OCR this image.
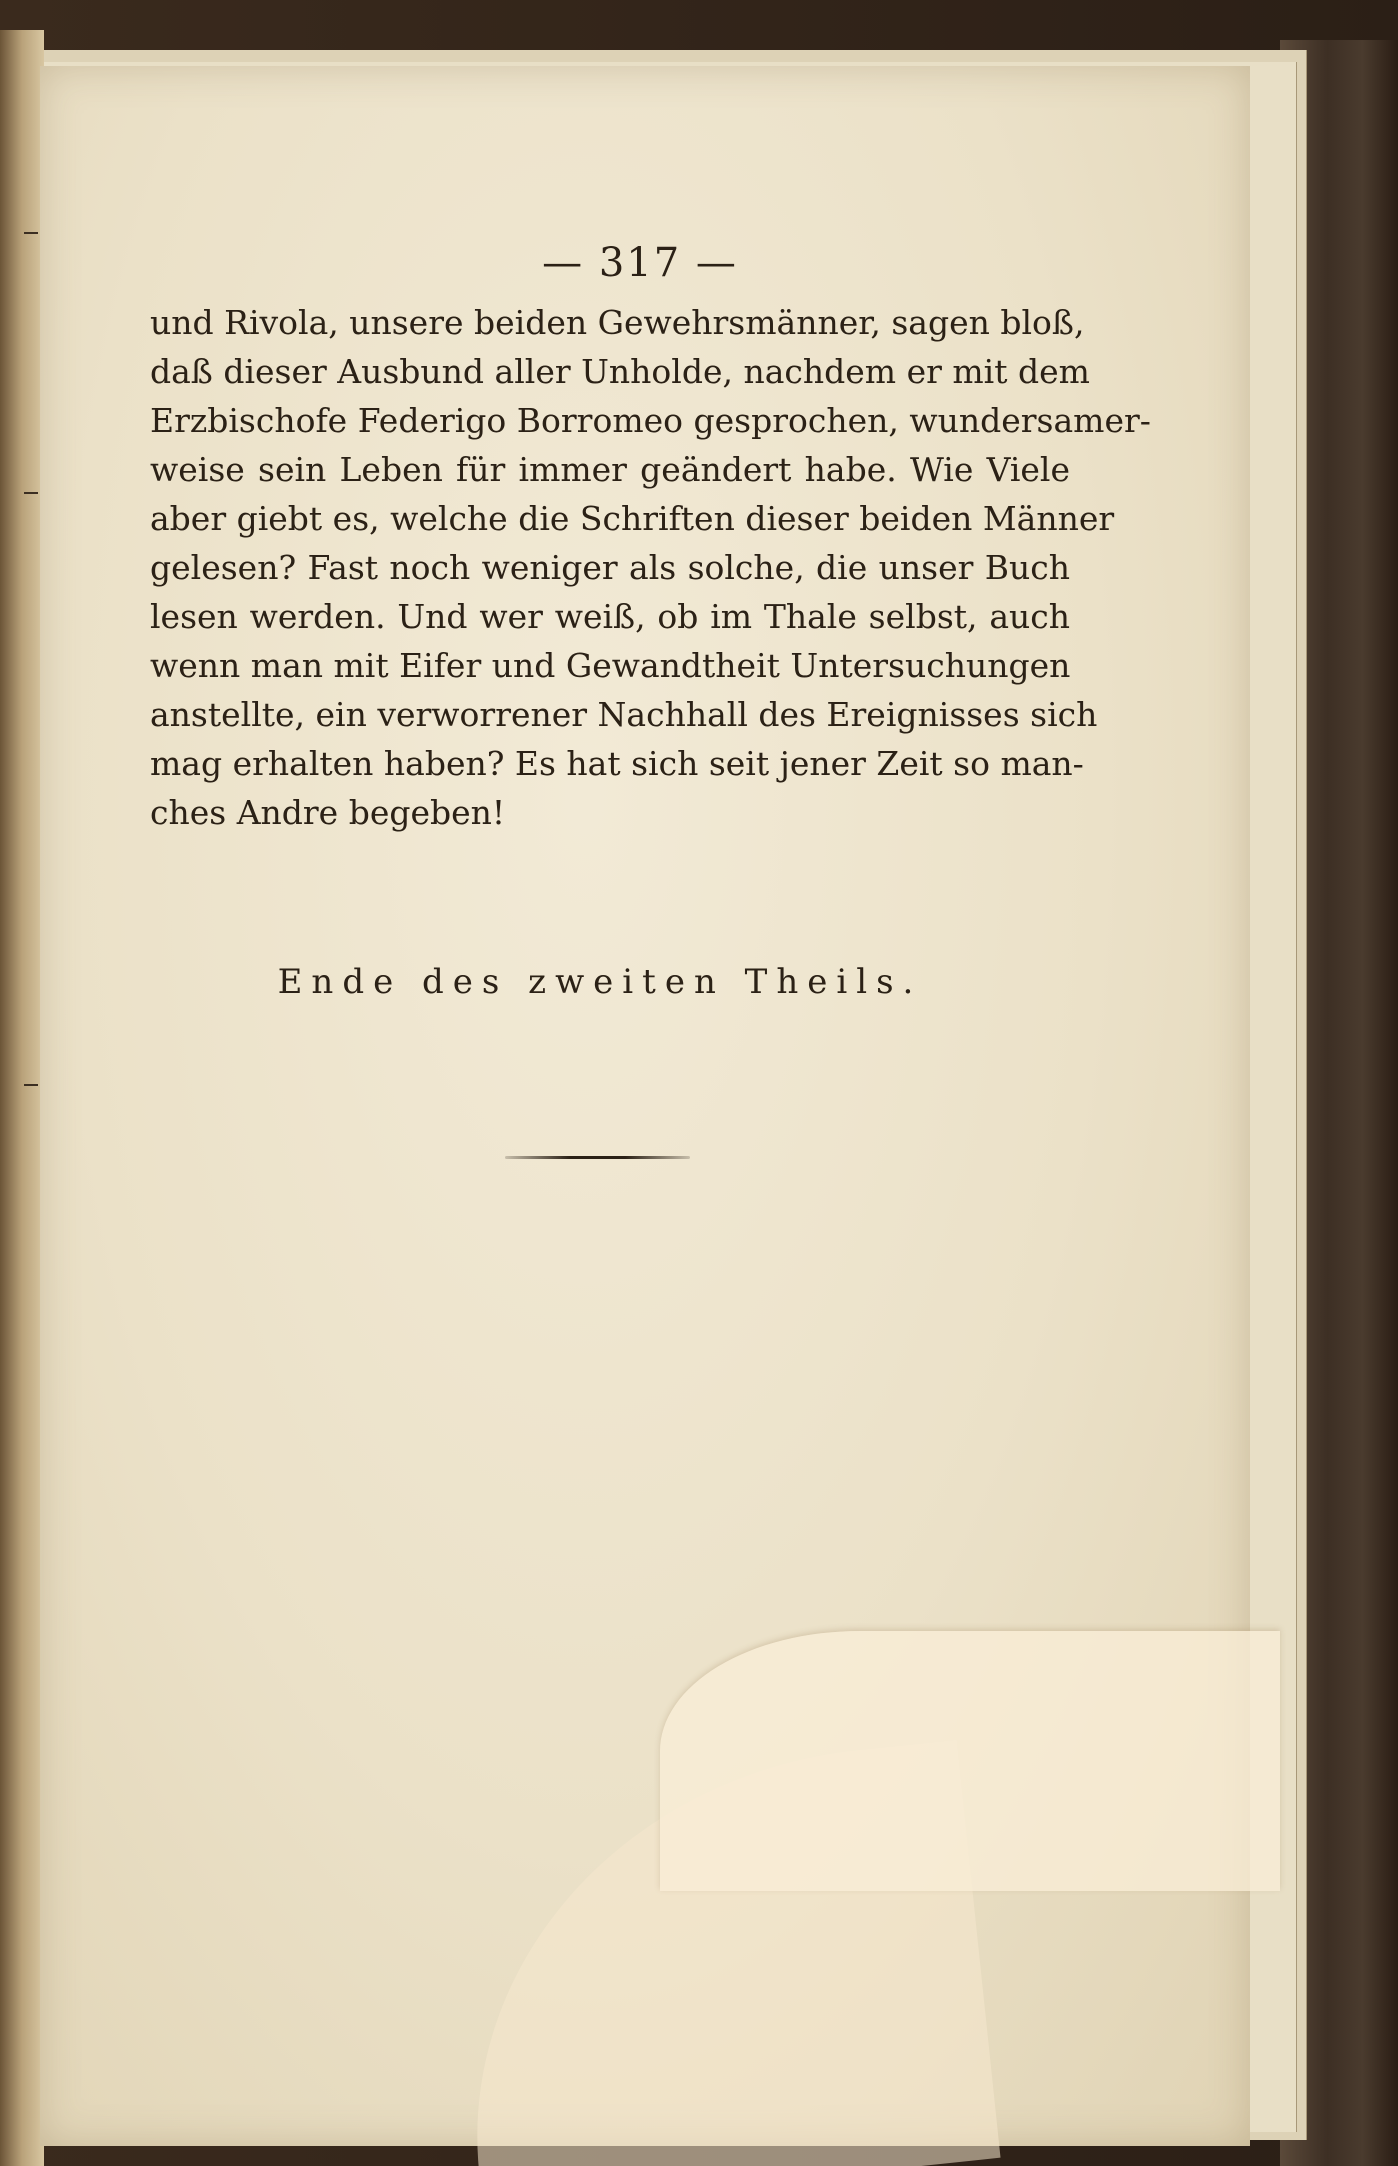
— 317 —
und Rivola, unsere beiden Gewehrsmänner, sagen bloß,
daß dieser Ausbund aller Unholde, nachdem er mit dem
Erzbischofe Federigo Borromeo gesprochen, wundersamer-
weise sein Leben für immer geändert habe. Wie Viele
aber giebt es, welche die Schriften dieser beiden Männer
gelesen? Fast noch weniger als solche, die unser Buch
lesen werden. Und wer weiß, ob im Thale selbst, auch
wenn man mit Eifer und Gewandtheit Untersuchungen
anstellte, ein verworrener Nachhall des Ereignisses sich
mag erhalten haben? Es hat sich seit jener Zeit so man-
ches Andre begeben!
Ende des zweiten Theils.
